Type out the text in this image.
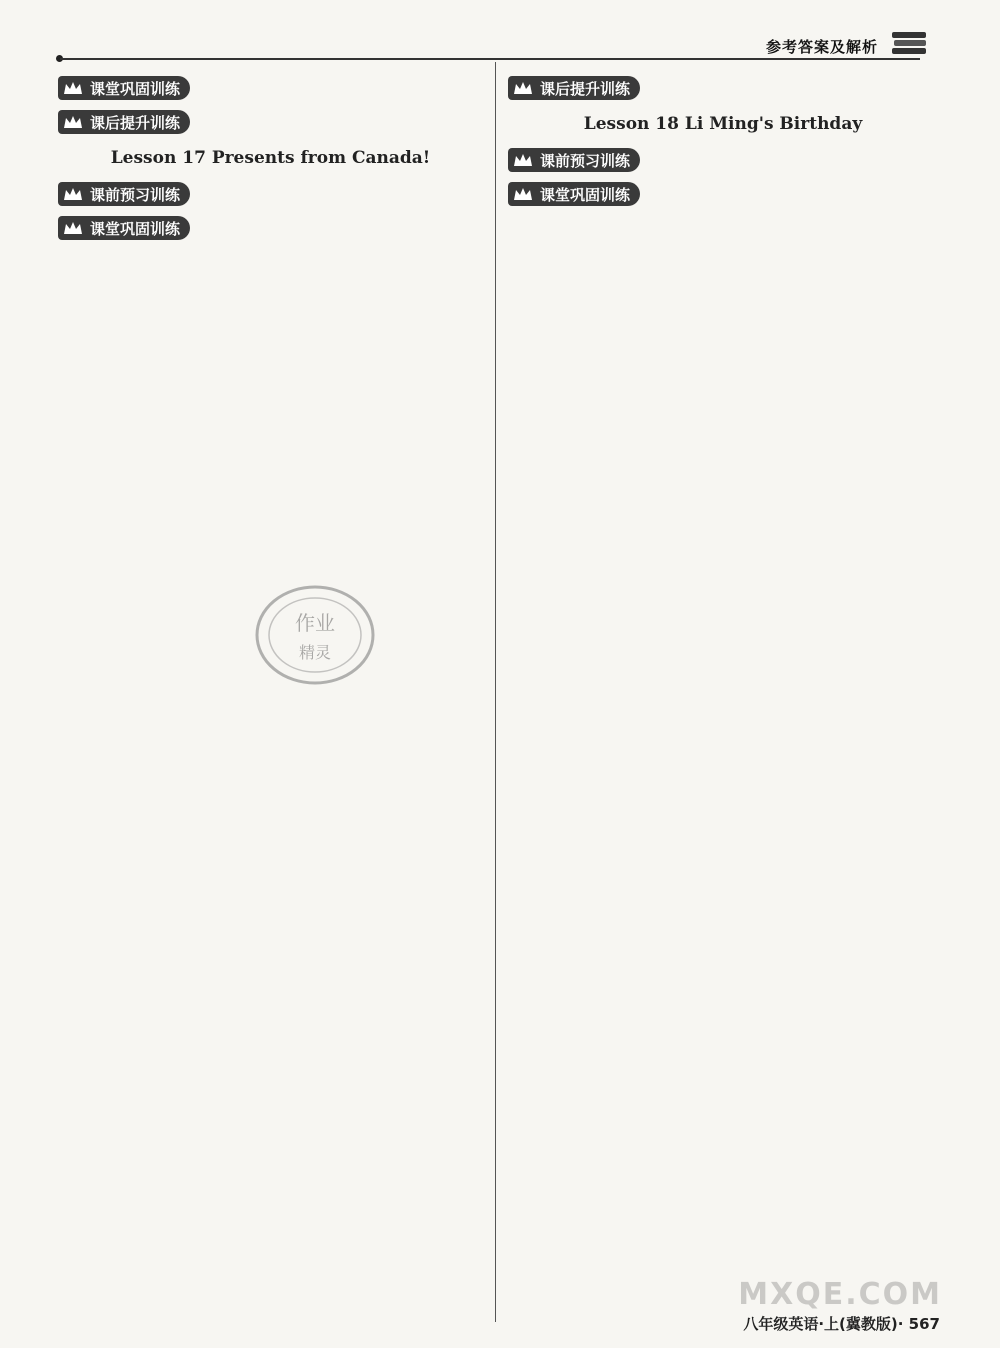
参考答案及解析
课堂巩固训练
课后提升训练
Lesson 17 Presents from Canada!
课前预习训练
课堂巩固训练
作业
精灵
课后提升训练
Lesson 18 Li Ming's Birthday
课前预习训练
课堂巩固训练
MXQE.COM
八年级英语·上(冀教版)· 567
